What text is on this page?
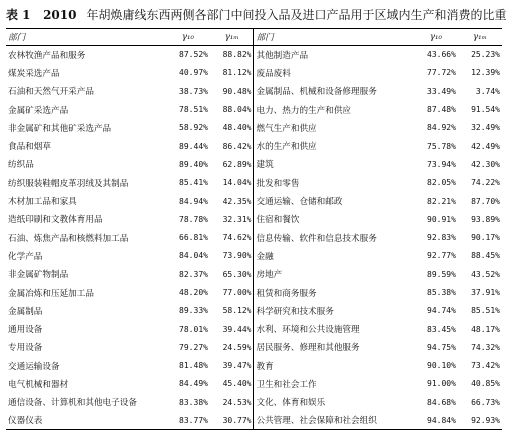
表 1 2010 年胡焕庸线东西两侧各部门中间投入品及进口产品用于区域内生产和消费的比重
部门	γ₁₀	γ₁ₘ	部门	γ₁₀	γ₁ₘ
农林牧渔产品和服务	87.52%	88.82%	其他制造产品	43.66%	25.23%
煤炭采选产品	40.97%	81.12%	废品废料	77.72%	12.39%
石油和天然气开采产品	38.73%	90.48%	金属制品、机械和设备修理服务	33.49%	3.74%
金属矿采选产品	78.51%	88.04%	电力、热力的生产和供应	87.48%	91.54%
非金属矿和其他矿采选产品	58.92%	48.40%	燃气生产和供应	84.92%	32.49%
食品和烟草	89.44%	86.42%	水的生产和供应	75.78%	42.49%
纺织品	89.40%	62.89%	建筑	73.94%	42.30%
纺织服装鞋帽皮革羽绒及其制品	85.41%	14.04%	批发和零售	82.05%	74.22%
木材加工品和家具	84.94%	42.35%	交通运输、仓储和邮政	82.21%	87.70%
造纸印刷和文教体育用品	78.78%	32.31%	住宿和餐饮	90.91%	93.89%
石油、炼焦产品和核燃料加工品	66.81%	74.62%	信息传输、软件和信息技术服务	92.83%	90.17%
化学产品	84.04%	73.90%	金融	92.77%	88.45%
非金属矿物制品	82.37%	65.30%	房地产	89.59%	43.52%
金属冶炼和压延加工品	48.20%	77.00%	租赁和商务服务	85.38%	37.91%
金属制品	89.33%	58.12%	科学研究和技术服务	94.74%	85.51%
通用设备	78.01%	39.44%	水利、环境和公共设施管理	83.45%	48.17%
专用设备	79.27%	24.59%	居民服务、修理和其他服务	94.75%	74.32%
交通运输设备	81.48%	39.47%	教育	90.10%	73.42%
电气机械和器材	84.49%	45.40%	卫生和社会工作	91.00%	40.85%
通信设备、计算机和其他电子设备	83.38%	24.53%	文化、体育和娱乐	84.68%	66.73%
仪器仪表	83.77%	30.77%	公共管理、社会保障和社会组织	94.84%	92.93%
